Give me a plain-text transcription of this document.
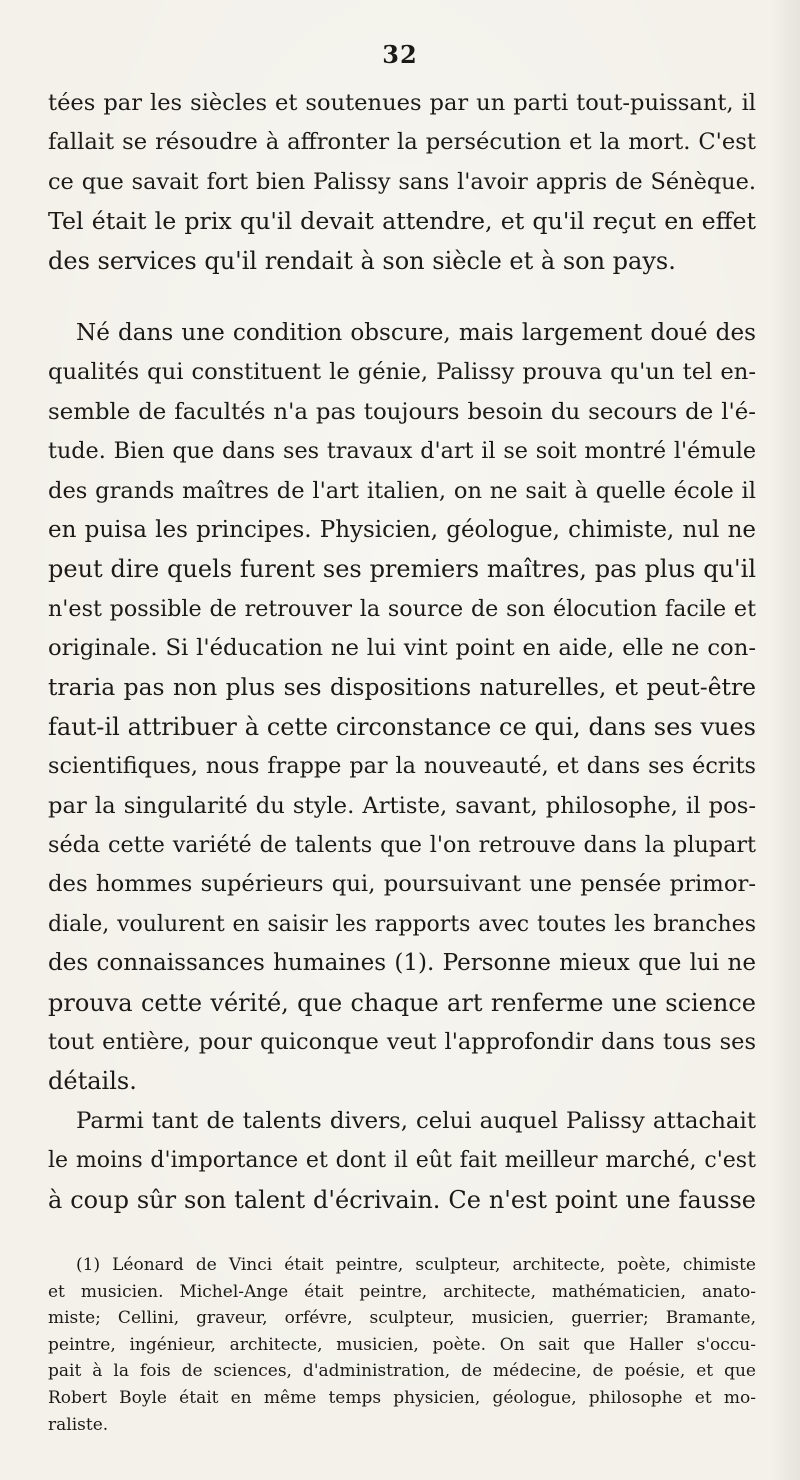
32
tées par les siècles et soutenues par un parti tout-puissant, il
fallait se résoudre à affronter la persécution et la mort. C'est
ce que savait fort bien Palissy sans l'avoir appris de Sénèque.
Tel était le prix qu'il devait attendre, et qu'il reçut en effet
des services qu'il rendait à son siècle et à son pays.
Né dans une condition obscure, mais largement doué des
qualités qui constituent le génie, Palissy prouva qu'un tel en-
semble de facultés n'a pas toujours besoin du secours de l'é-
tude. Bien que dans ses travaux d'art il se soit montré l'émule
des grands maîtres de l'art italien, on ne sait à quelle école il
en puisa les principes. Physicien, géologue, chimiste, nul ne
peut dire quels furent ses premiers maîtres, pas plus qu'il
n'est possible de retrouver la source de son élocution facile et
originale. Si l'éducation ne lui vint point en aide, elle ne con-
traria pas non plus ses dispositions naturelles, et peut-être
faut-il attribuer à cette circonstance ce qui, dans ses vues
scientifiques, nous frappe par la nouveauté, et dans ses écrits
par la singularité du style. Artiste, savant, philosophe, il pos-
séda cette variété de talents que l'on retrouve dans la plupart
des hommes supérieurs qui, poursuivant une pensée primor-
diale, voulurent en saisir les rapports avec toutes les branches
des connaissances humaines (1). Personne mieux que lui ne
prouva cette vérité, que chaque art renferme une science
tout entière, pour quiconque veut l'approfondir dans tous ses
détails.
Parmi tant de talents divers, celui auquel Palissy attachait
le moins d'importance et dont il eût fait meilleur marché, c'est
à coup sûr son talent d'écrivain. Ce n'est point une fausse
(1) Léonard de Vinci était peintre, sculpteur, architecte, poète, chimiste
et musicien. Michel-Ange était peintre, architecte, mathématicien, anato-
miste; Cellini, graveur, orfévre, sculpteur, musicien, guerrier; Bramante,
peintre, ingénieur, architecte, musicien, poète. On sait que Haller s'occu-
pait à la fois de sciences, d'administration, de médecine, de poésie, et que
Robert Boyle était en même temps physicien, géologue, philosophe et mo-
raliste.
